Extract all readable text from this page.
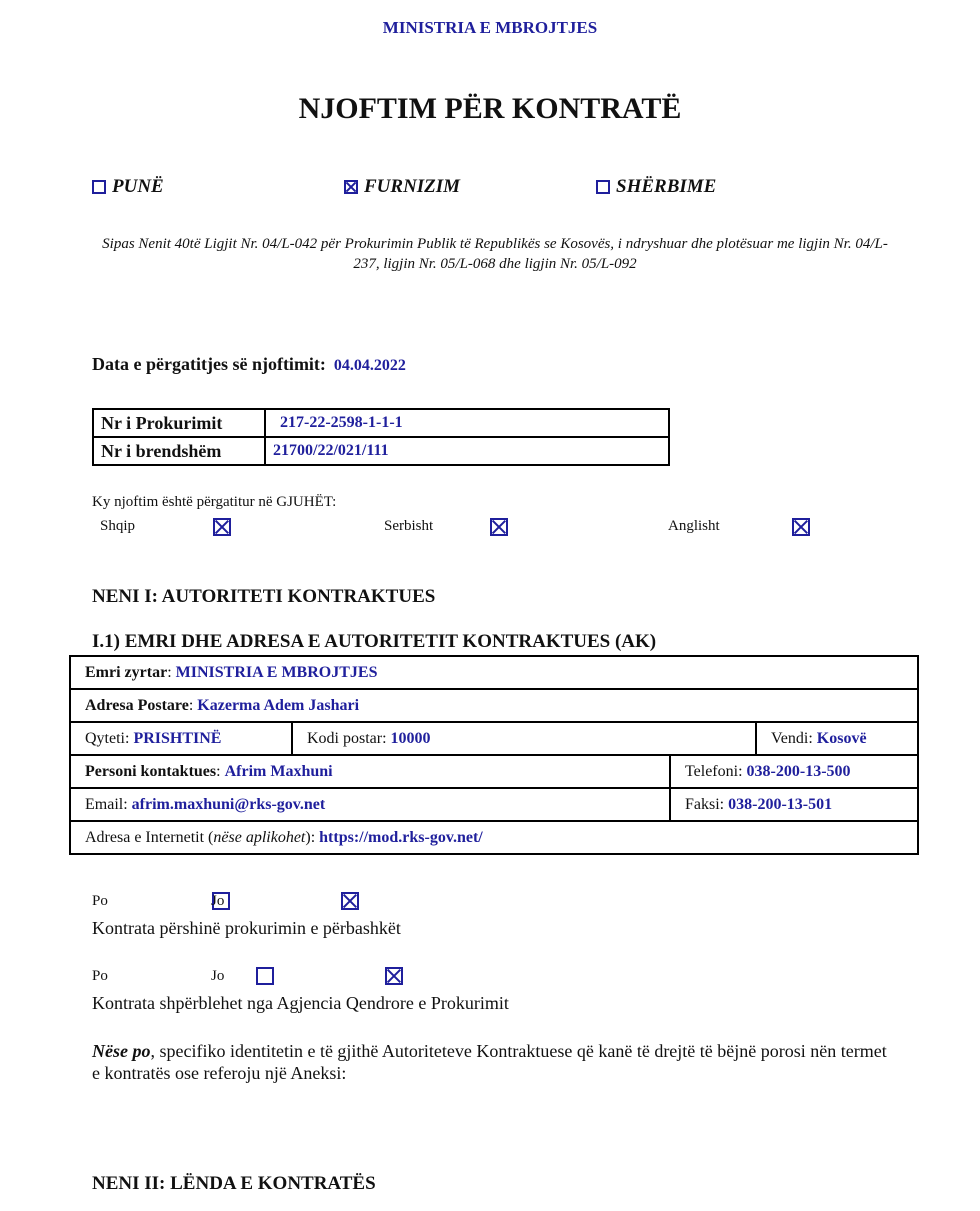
MINISTRIA E MBROJTJES
NJOFTIM PËR KONTRATË
PUNË	FURNIZIM	SHËRBIME
Sipas Nenit 40të Ligjit Nr. 04/L-042 për Prokurimin Publik të Republikës se Kosovës, i ndryshuar dhe plotësuar me ligjin Nr. 04/L-237, ligjin Nr. 05/L-068 dhe ligjin Nr. 05/L-092
Data e përgatitjes së njoftimit: 04.04.2022
Nr i Prokurimit	217-22-2598-1-1-1
Nr i brendshëm	21700/22/021/111
Ky njoftim është përgatitur në GJUHËT:
Shqip
	Serbisht
	Anglisht

NENI I: AUTORITETI KONTRAKTUES
I.1) EMRI DHE ADRESA E AUTORITETIT KONTRAKTUES (AK)
Emri zyrtar: MINISTRIA E MBROJTJES			
Adresa Postare: Kazerma Adem Jashari			
Qyteti: PRISHTINË	Kodi postar: 10000		Vendi: Kosovë
Personi kontaktues: Afrim Maxhuni		Telefoni: 038-200-13-500	
Email: afrim.maxhuni@rks-gov.net		Faksi: 038-200-13-501	
Adresa e Internetit (nëse aplikohet): https://mod.rks-gov.net/			
Po
	Jo

Kontrata përshinë prokurimin e përbashkët
Po
	Jo
Kontrata shpërblehet nga Agjencia Qendrore e Prokurimit
Nëse po, specifiko identitetin e të gjithë Autoriteteve Kontraktuese që kanë të drejtë të bëjnë porosi nën termet e kontratës ose referoju një Aneksi:
NENI II: LËNDA E KONTRATËS
